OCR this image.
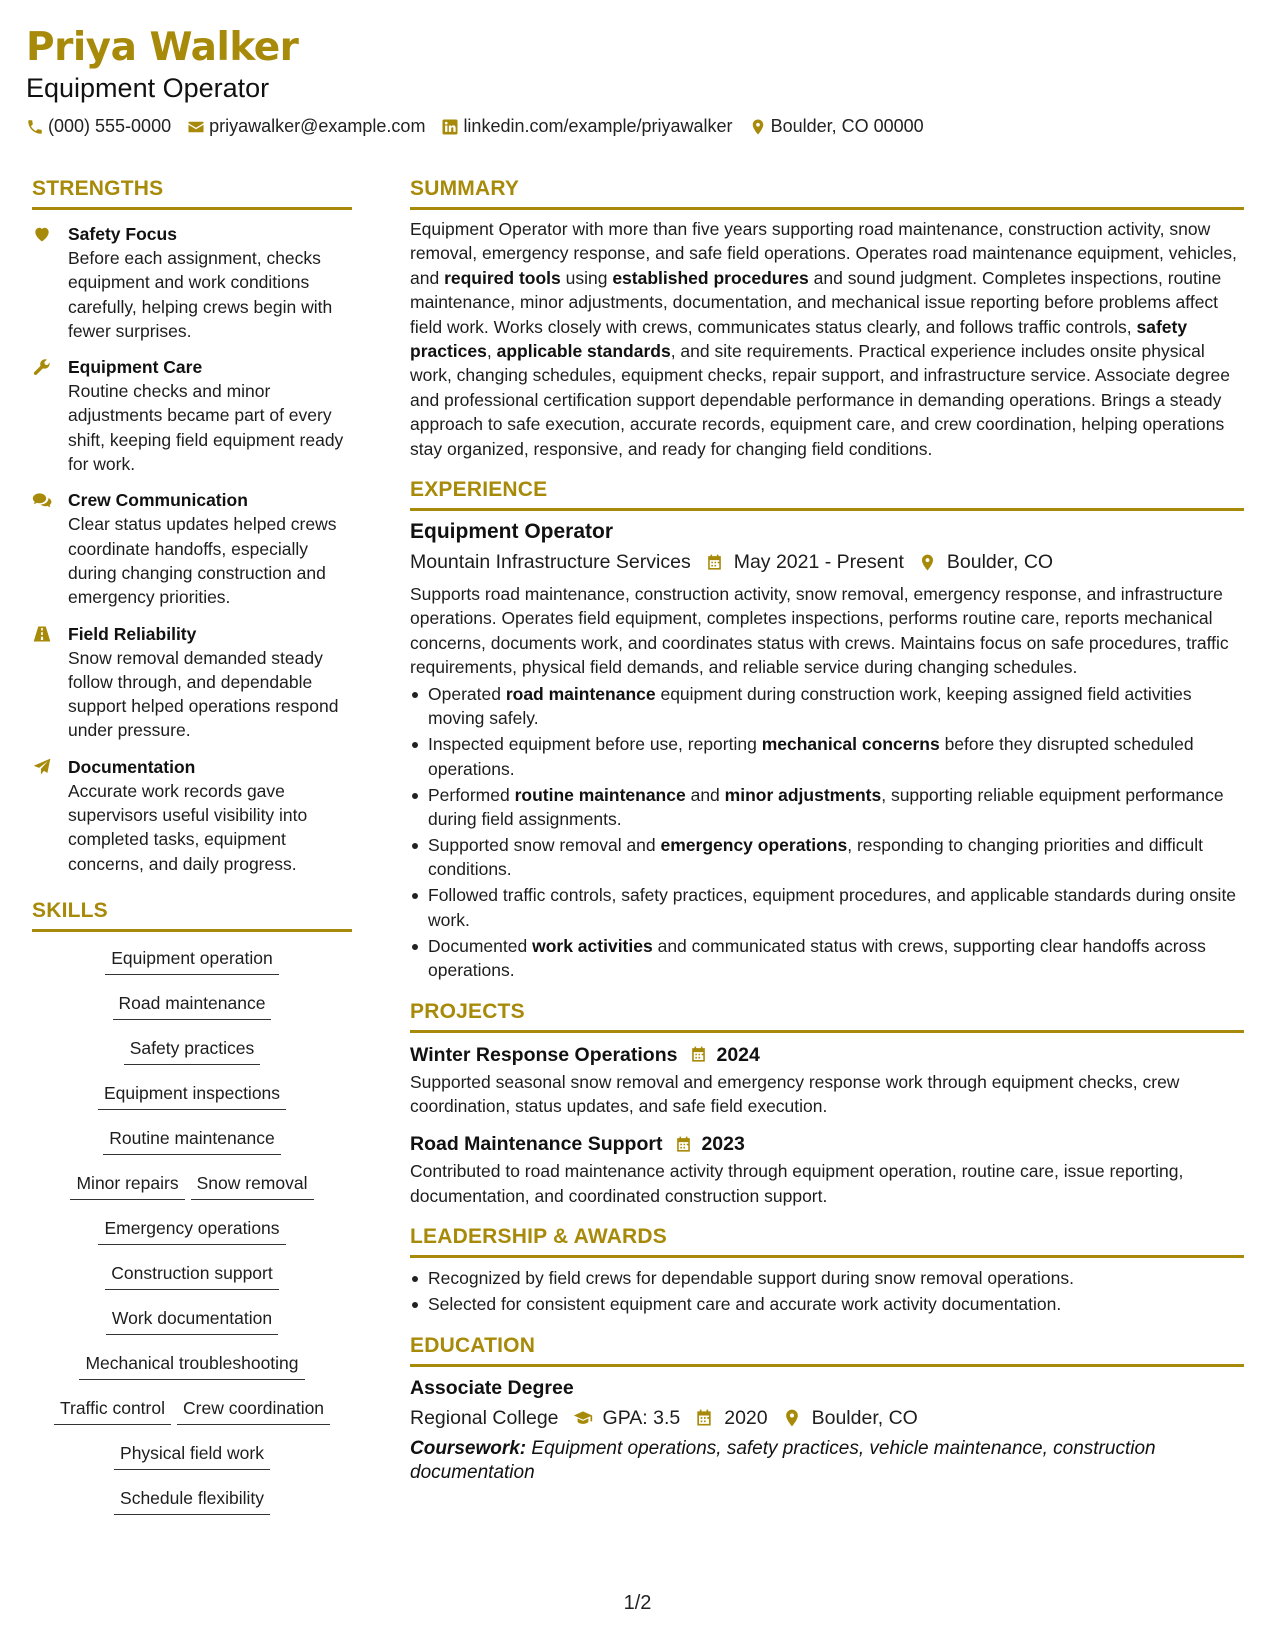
Priya Walker
Equipment Operator
(000) 555-0000 priyawalker@example.com linkedin.com/example/priyawalker Boulder, CO 00000
STRENGTHS
Safety Focus
Before each assignment, checks equipment and work conditions carefully, helping crews begin with fewer surprises.
Equipment Care
Routine checks and minor adjustments became part of every shift, keeping field equipment ready for work.
Crew Communication
Clear status updates helped crews coordinate handoffs, especially during changing construction and emergency priorities.
Field Reliability
Snow removal demanded steady follow through, and dependable support helped operations respond under pressure.
Documentation
Accurate work records gave supervisors useful visibility into completed tasks, equipment concerns, and daily progress.
SKILLS
Equipment operation
Road maintenance
Safety practices
Equipment inspections
Routine maintenance
Minor repairs	Snow removal
Emergency operations
Construction support
Work documentation
Mechanical troubleshooting
Traffic control	Crew coordination
Physical field work
Schedule flexibility
SUMMARY
Equipment Operator with more than five years supporting road maintenance, construction activity, snow removal, emergency response, and safe field operations. Operates road maintenance equipment, vehicles, and required tools using established procedures and sound judgment. Completes inspections, routine maintenance, minor adjustments, documentation, and mechanical issue reporting before problems affect field work. Works closely with crews, communicates status clearly, and follows traffic controls, safety practices, applicable standards, and site requirements. Practical experience includes onsite physical work, changing schedules, equipment checks, repair support, and infrastructure service. Associate degree and professional certification support dependable performance in demanding operations. Brings a steady approach to safe execution, accurate records, equipment care, and crew coordination, helping operations stay organized, responsive, and ready for changing field conditions.
EXPERIENCE
Equipment Operator
Mountain Infrastructure Services May 2021 - Present Boulder, CO
Supports road maintenance, construction activity, snow removal, emergency response, and infrastructure operations. Operates field equipment, completes inspections, performs routine care, reports mechanical concerns, documents work, and coordinates status with crews. Maintains focus on safe procedures, traffic requirements, physical field demands, and reliable service during changing schedules.
Operated road maintenance equipment during construction work, keeping assigned field activities moving safely.
Inspected equipment before use, reporting mechanical concerns before they disrupted scheduled operations.
Performed routine maintenance and minor adjustments, supporting reliable equipment performance during field assignments.
Supported snow removal and emergency operations, responding to changing priorities and difficult conditions.
Followed traffic controls, safety practices, equipment procedures, and applicable standards during onsite work.
Documented work activities and communicated status with crews, supporting clear handoffs across operations.
PROJECTS
Winter Response Operations 2024
Supported seasonal snow removal and emergency response work through equipment checks, crew coordination, status updates, and safe field execution.
Road Maintenance Support 2023
Contributed to road maintenance activity through equipment operation, routine care, issue reporting, documentation, and coordinated construction support.
LEADERSHIP & AWARDS
Recognized by field crews for dependable support during snow removal operations.
Selected for consistent equipment care and accurate work activity documentation.
EDUCATION
Associate Degree
Regional College GPA: 3.5 2020 Boulder, CO
Coursework: Equipment operations, safety practices, vehicle maintenance, construction documentation
1/2
